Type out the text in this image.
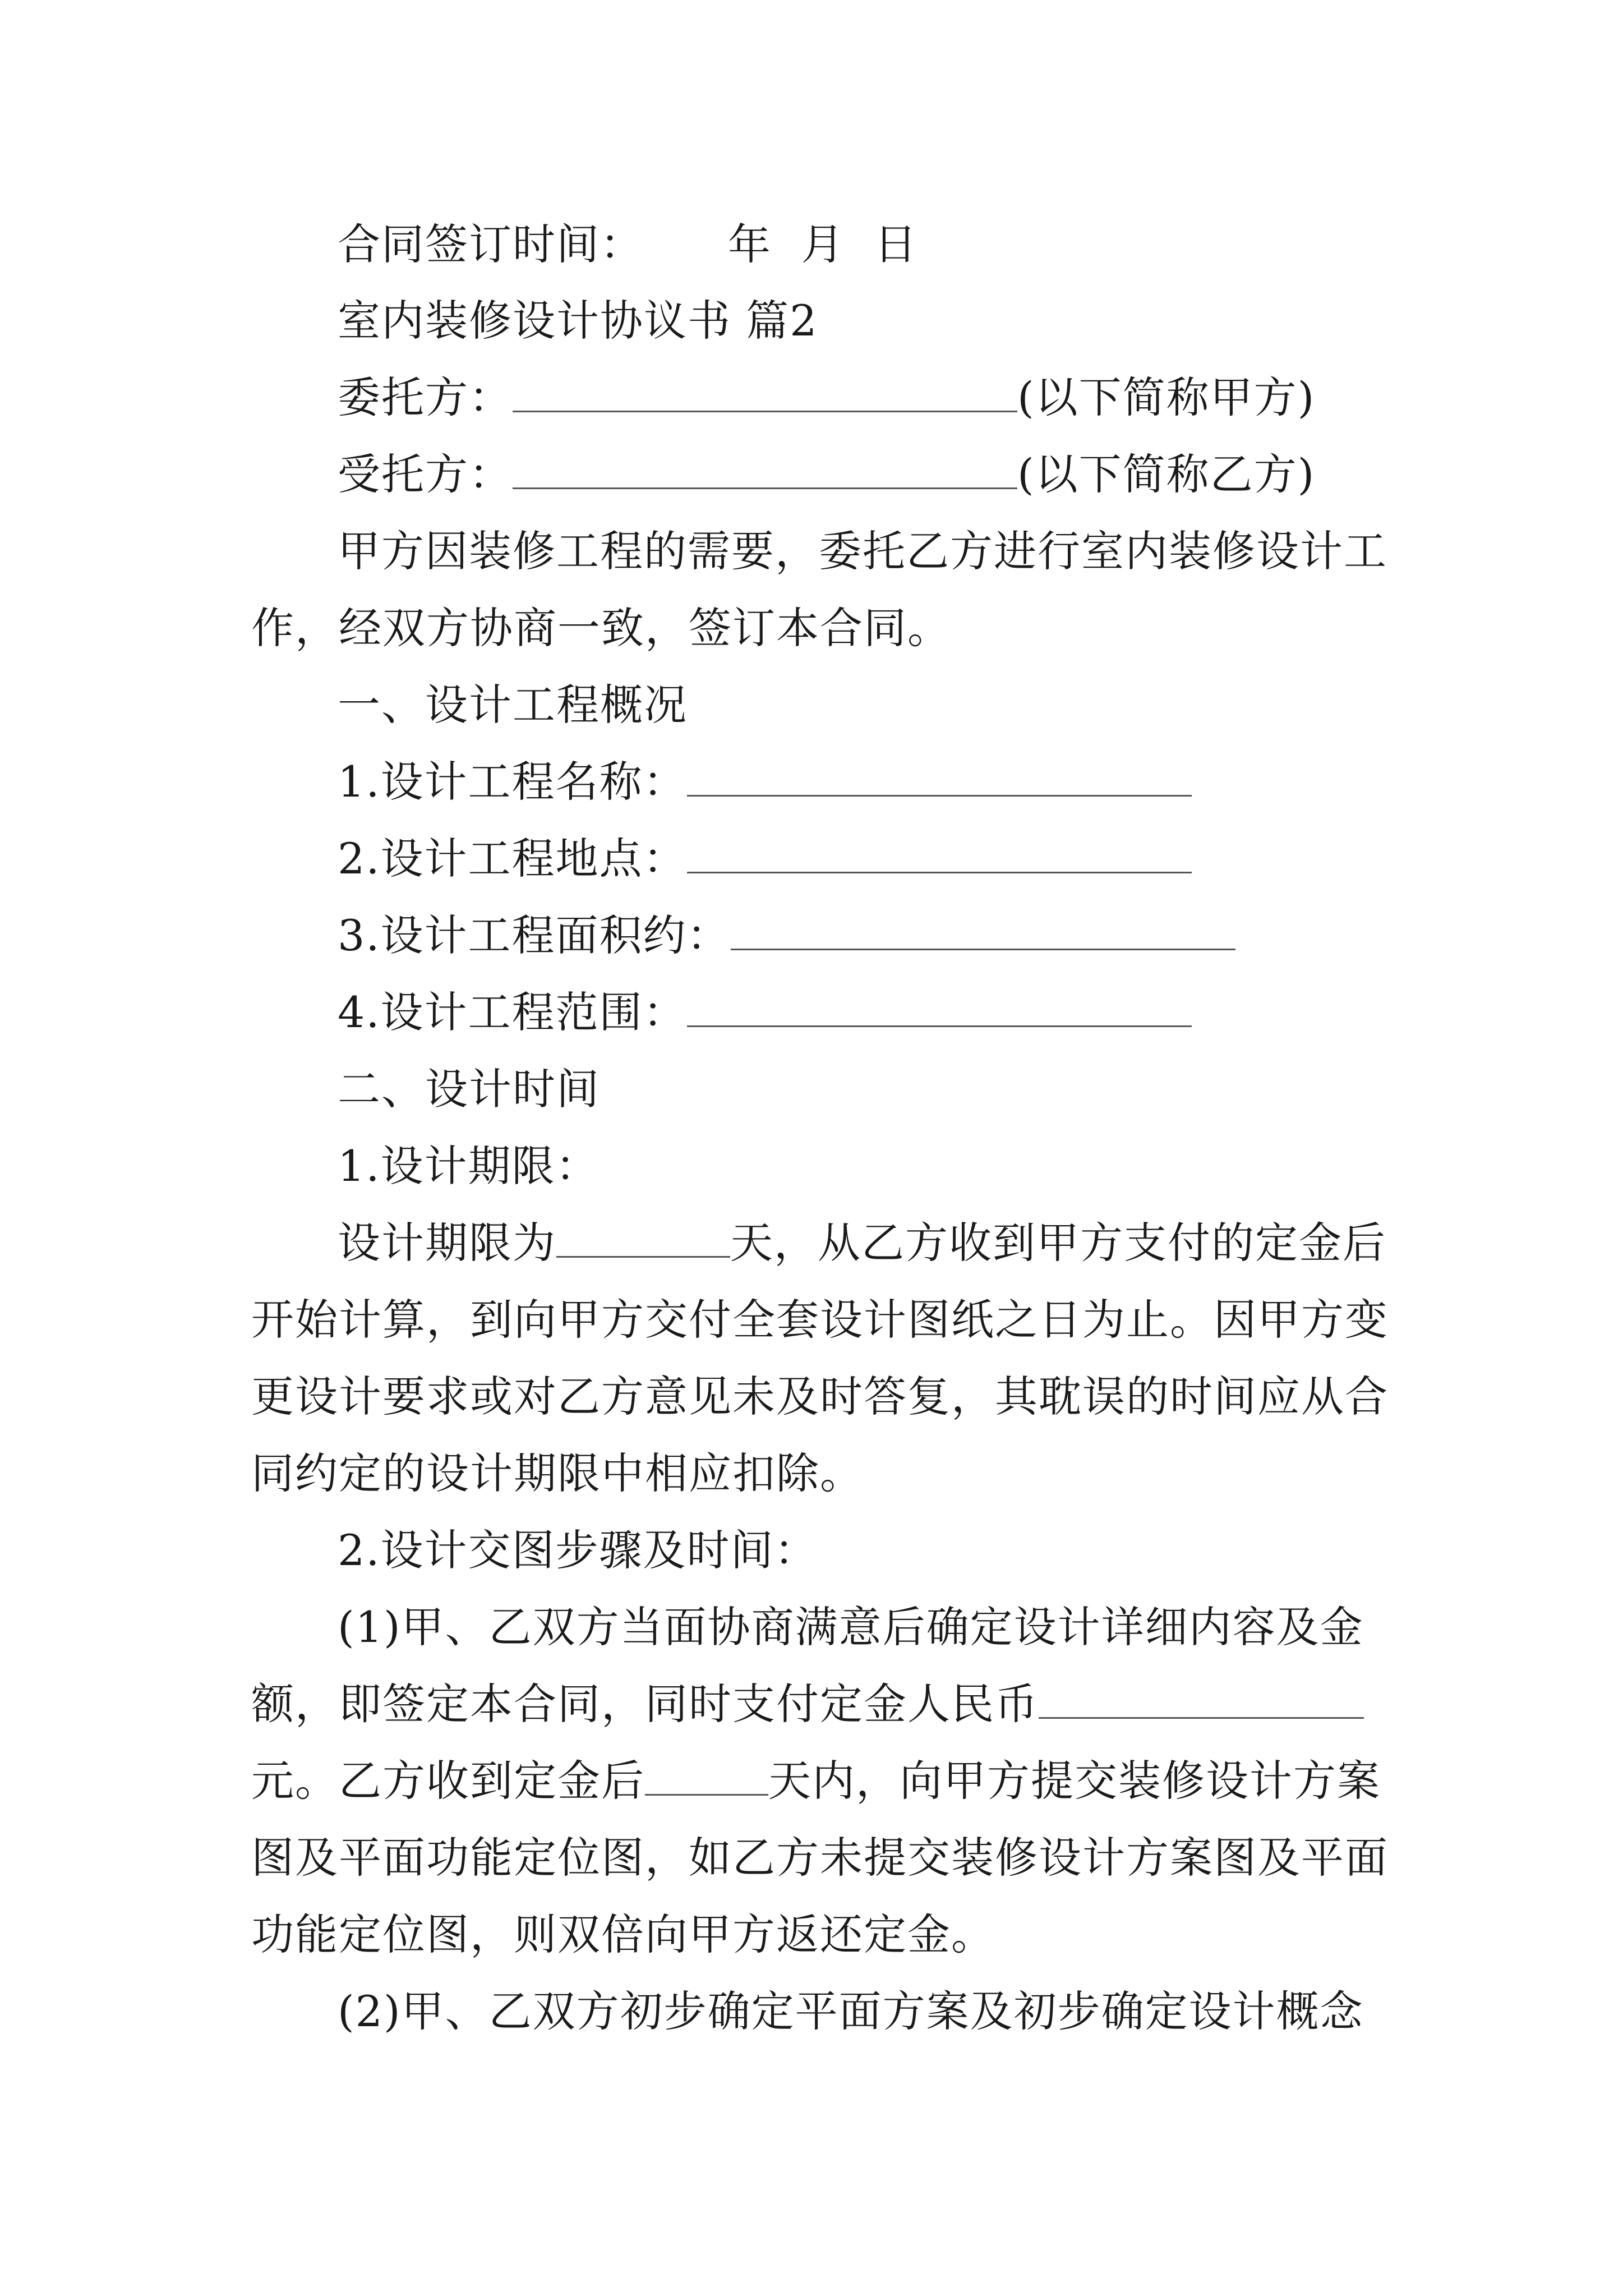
合同签订时间： 年  月  日
室内装修设计协议书 篇2
委托方：	(以下简称甲方)
受托方：	(以下简称乙方)
甲方因装修工程的需要，委托乙方进行室内装修设计工
作，经双方协商一致，签订本合同。
一、设计工程概况
1.设计工程名称：
2.设计工程地点：
3.设计工程面积约：
4.设计工程范围：
二、设计时间
1.设计期限：
设计期限为	天，从乙方收到甲方支付的定金后
开始计算，到向甲方交付全套设计图纸之日为止。因甲方变
更设计要求或对乙方意见未及时答复，其耽误的时间应从合
同约定的设计期限中相应扣除。
2.设计交图步骤及时间：
(1)甲、乙双方当面协商满意后确定设计详细内容及金
额，即签定本合同，同时支付定金人民币
元。乙方收到定金后	天内，向甲方提交装修设计方案
图及平面功能定位图，如乙方未提交装修设计方案图及平面
功能定位图，则双倍向甲方返还定金。
(2)甲、乙双方初步确定平面方案及初步确定设计概念
